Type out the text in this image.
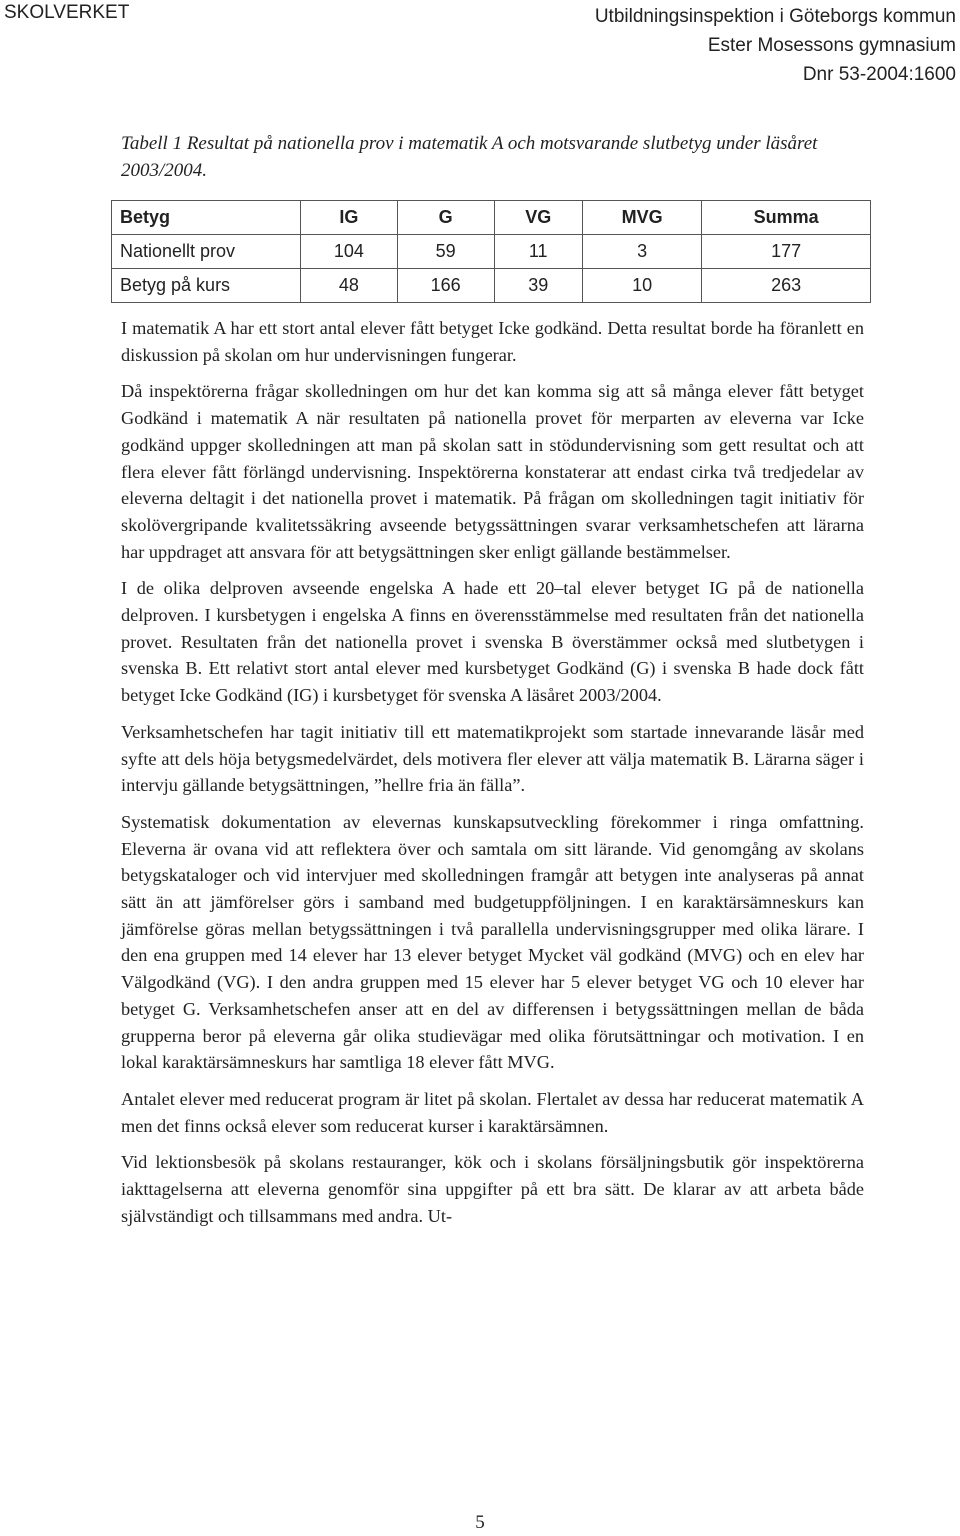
SKOLVERKET	Utbildningsinspektion i Göteborgs kommun
Ester Mosessons gymnasium
Dnr 53-2004:1600
Tabell 1 Resultat på nationella prov i matematik A och motsvarande slutbetyg under läsåret 2003/2004.
Betyg	IG	G	VG	MVG	Summa
Nationellt prov	104	59	11	3	177
Betyg på kurs	48	166	39	10	263

I matematik A har ett stort antal elever fått betyget Icke godkänd. Detta resultat borde ha föranlett en diskussion på skolan om hur undervisningen fungerar.

Då inspektörerna frågar skolledningen om hur det kan komma sig att så många elever fått betyget Godkänd i matematik A när resultaten på nationella provet för merparten av eleverna var Icke godkänd uppger skolledningen att man på skolan satt in stödundervisning som gett resultat och att flera elever fått förlängd undervisning. Inspektörerna konstaterar att endast cirka två tredjedelar av eleverna deltagit i det nationella provet i matematik. På frågan om skolledningen tagit initiativ för skolövergripande kvalitetssäkring avseende betygssättningen svarar verksamhetschefen att lärarna har uppdraget att ansvara för att betygsättningen sker enligt gällande bestämmelser.

I de olika delproven avseende engelska A hade ett 20–tal elever betyget IG på de nationella delproven. I kursbetygen i engelska A finns en överensstämmelse med resultaten från det nationella provet. Resultaten från det nationella provet i svenska B överstämmer också med slutbetygen i svenska B. Ett relativt stort antal elever med kursbetyget Godkänd (G) i svenska B hade dock fått betyget Icke Godkänd (IG) i kursbetyget för svenska A läsåret 2003/2004.

Verksamhetschefen har tagit initiativ till ett matematikprojekt som startade innevarande läsår med syfte att dels höja betygsmedelvärdet, dels motivera fler elever att välja matematik B. Lärarna säger i intervju gällande betygsättningen, ”hellre fria än fälla”.

Systematisk dokumentation av elevernas kunskapsutveckling förekommer i ringa omfattning. Eleverna är ovana vid att reflektera över och samtala om sitt lärande. Vid genomgång av skolans betygskataloger och vid intervjuer med skolledningen framgår att betygen inte analyseras på annat sätt än att jämförelser görs i samband med budgetuppföljningen. I en karaktärsämneskurs kan jämförelse göras mellan betygssättningen i två parallella undervisningsgrupper med olika lärare. I den ena gruppen med 14 elever har 13 elever betyget Mycket väl godkänd (MVG) och en elev har Välgodkänd (VG). I den andra gruppen med 15 elever har 5 elever betyget VG och 10 elever har betyget G. Verksamhetschefen anser att en del av differensen i betygssättningen mellan de båda grupperna beror på eleverna går olika studievägar med olika förutsättningar och motivation. I en lokal karaktärsämneskurs har samtliga 18 elever fått MVG.

Antalet elever med reducerat program är litet på skolan. Flertalet av dessa har reducerat matematik A men det finns också elever som reducerat kurser i karaktärsämnen.

Vid lektionsbesök på skolans restauranger, kök och i skolans försäljningsbutik gör inspektörerna iakttagelserna att eleverna genomför sina uppgifter på ett bra sätt. De klarar av att arbeta både självständigt och tillsammans med andra. Ut-

5
